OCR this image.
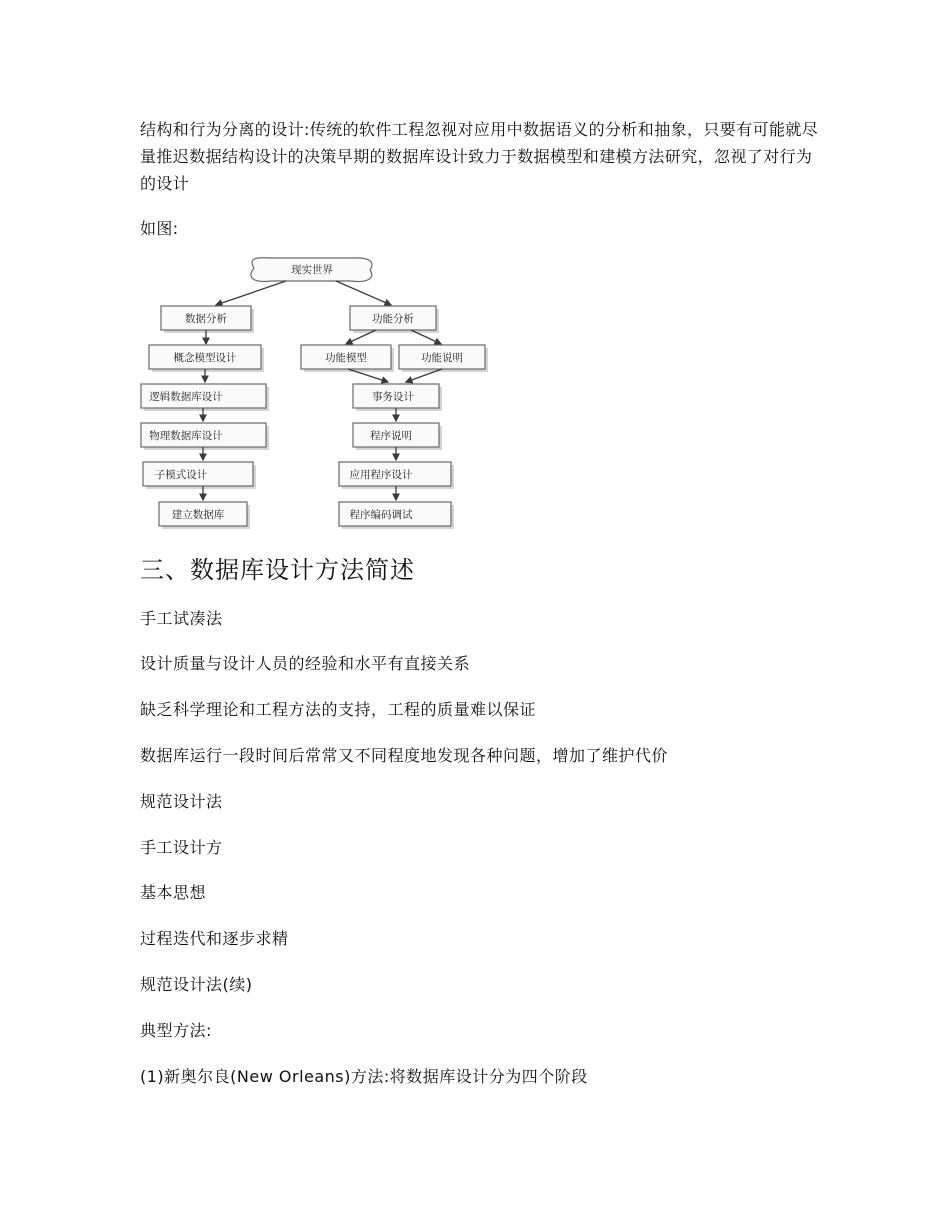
结构和行为分离的设计:传统的软件工程忽视对应用中数据语义的分析和抽象，只要有可能就尽量推迟数据结构设计的决策早期的数据库设计致力于数据模型和建模方法研究，忽视了对行为的设计
如图:
现实世界
数据分析
概念模型设计
逻辑数据库设计
物理数据库设计
子模式设计
建立数据库
功能分析
功能模型	功能说明
事务设计
程序说明
应用程序设计
程序编码调试
三、数据库设计方法简述
手工试凑法
设计质量与设计人员的经验和水平有直接关系
缺乏科学理论和工程方法的支持，工程的质量难以保证
数据库运行一段时间后常常又不同程度地发现各种问题，增加了维护代价
规范设计法
手工设计方
基本思想
过程迭代和逐步求精
规范设计法(续)
典型方法:
(1)新奥尔良(New Orleans)方法:将数据库设计分为四个阶段
